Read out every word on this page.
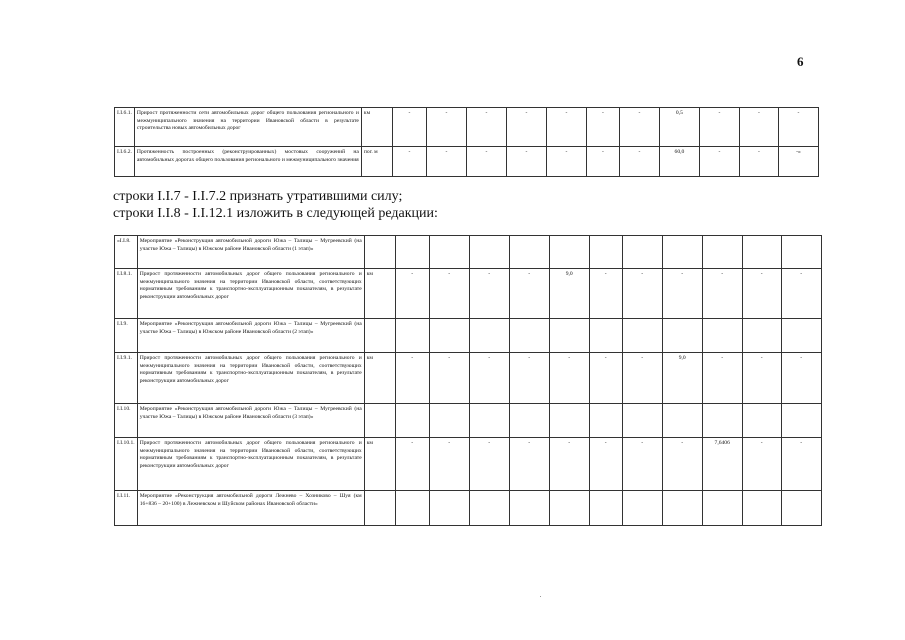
6
I.I.6.1.	Прирост протяженности сети автомобильных дорог общего пользования регионального и межмуниципального значения на территории Ивановской области в результате строительства новых автомобильных дорог	км	-	-	-	-	-	-	-	0,5	-	-	-
I.I.6.2.	Протяженность построенных (реконструированных) мостовых сооружений на автомобильных дорогах общего пользования регионального и межмуниципального значения	пог. м	-	-	-	-	-	-	-	60,0	-	-	-»
строки I.I.7 - I.I.7.2 признать утратившими силу;
строки I.I.8 - I.I.12.1 изложить в следующей редакции:
«I.I.8.	Мероприятие «Реконструкция автомобильной дороги Южа – Талицы – Мугреевский (на участке Южа – Талицы) в Южском районе Ивановской области (1 этап)»												
I.I.8.1.	Прирост протяженности автомобильных дорог общего пользования регионального и межмуниципального значения на территории Ивановской области, соответствующих нормативным требованиям к транспортно-эксплуатационным показателям, в результате реконструкции автомобильных дорог	км	-	-	-	-	9,0	-	-	-	-	-	-
I.I.9.	Мероприятие «Реконструкция автомобильной дороги Южа – Талицы – Мугреевский (на участке Южа – Талицы) в Южском районе Ивановской области (2 этап)»												
I.I.9.1.	Прирост протяженности автомобильных дорог общего пользования регионального и межмуниципального значения на территории Ивановской области, соответствующих нормативным требованиям к транспортно-эксплуатационным показателям, в результате реконструкции автомобильных дорог	км	-	-	-	-	-	-	-	9,0	-	-	-
I.I.10.	Мероприятие «Реконструкция автомобильной дороги Южа – Талицы – Мугреевский (на участке Южа – Талицы) в Южском районе Ивановской области (3 этап)»												
I.I.10.1.	Прирост протяженности автомобильных дорог общего пользования регионального и межмуниципального значения на территории Ивановской области, соответствующих нормативным требованиям к транспортно-эксплуатационным показателям, в результате реконструкции автомобильных дорог	км	-	-	-	-	-	-	-	-	7,6406	-	-
I.I.11.	Мероприятие «Реконструкция автомобильной дороги Лежнево – Хозниково – Шуя (км 16+836 – 20+100) в Лежневском и Шуйском районах Ивановской области»												
